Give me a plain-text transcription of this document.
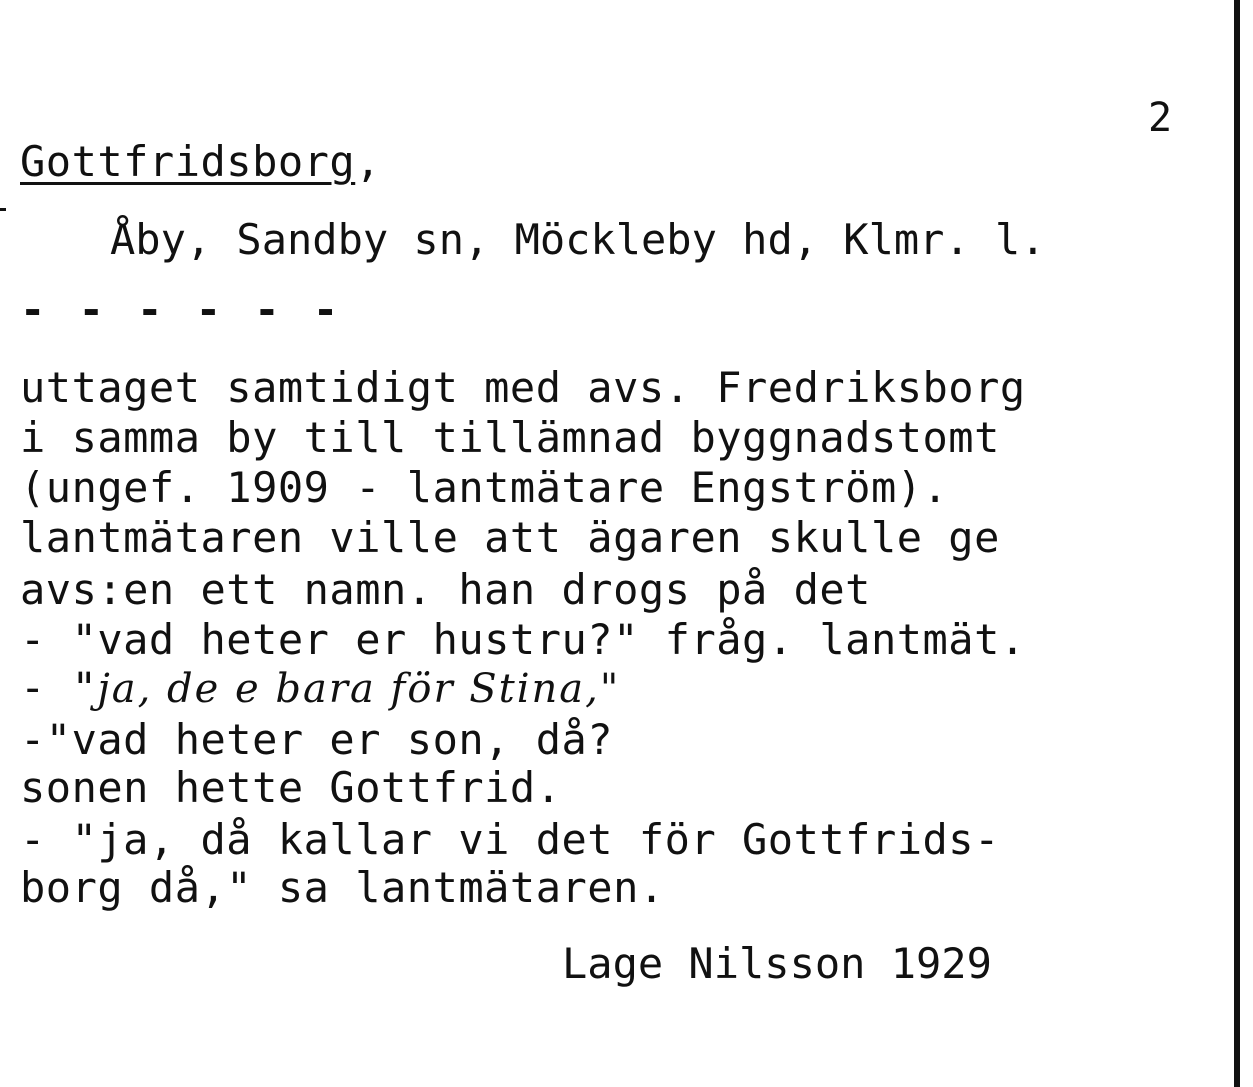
2
Gottfridsborg,
Åby, Sandby sn, Möckleby hd, Klmr. l.
- - - - - -
uttaget samtidigt med avs. Fredriksborg
i samma by till tillämnad byggnadstomt
(ungef. 1909 - lantmätare Engström).
lantmätaren ville att ägaren skulle ge
avs:en ett namn. han drogs på det
- "vad heter er hustru?" fråg. lantmät.
- "ja, de e bara för Stina,"
-"vad heter er son, då?
sonen hette Gottfrid.
- "ja, då kallar vi det för Gottfrids-
borg då," sa lantmätaren.
Lage Nilsson 1929
